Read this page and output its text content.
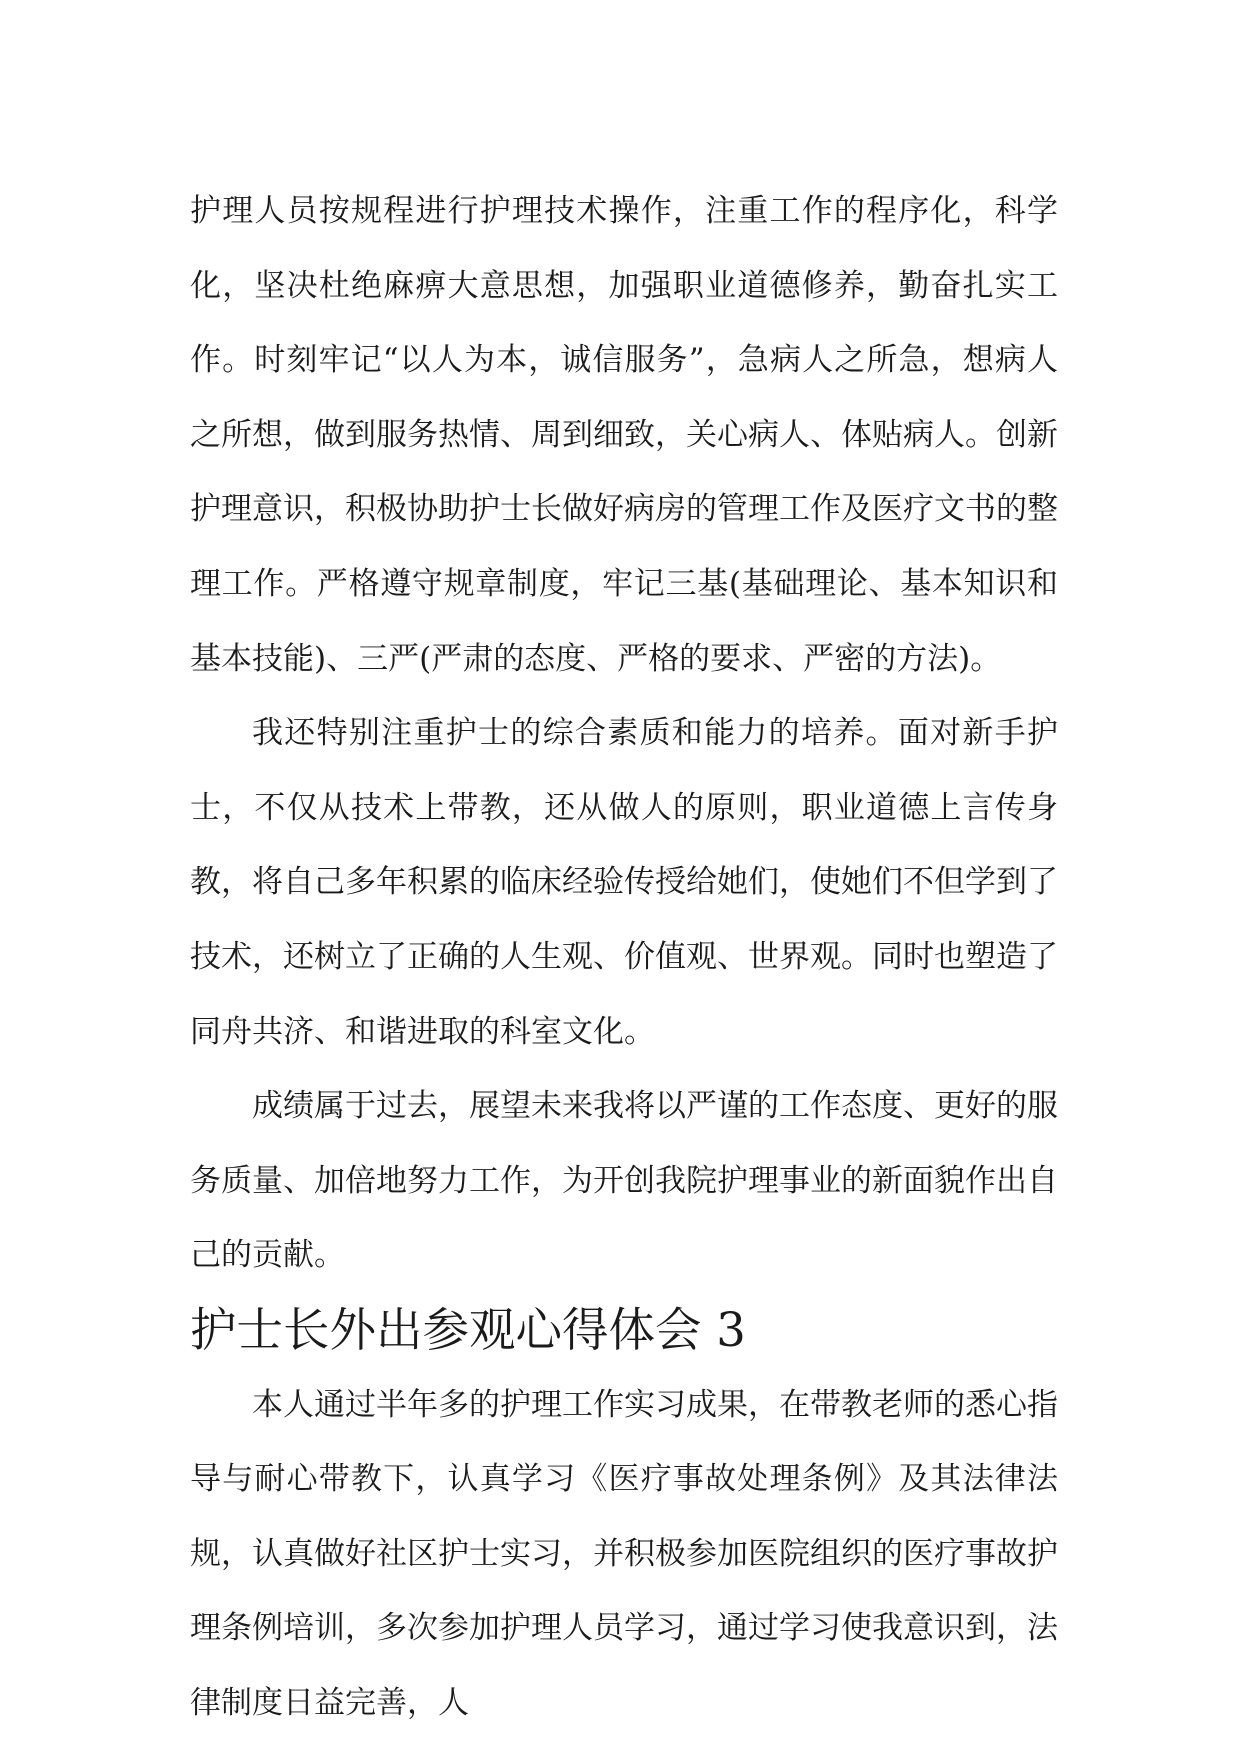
护理人员按规程进行护理技术操作，注重工作的程序化，科学化，坚决杜绝麻痹大意思想，加强职业道德修养，勤奋扎实工作。时刻牢记“以人为本，诚信服务”，急病人之所急，想病人之所想，做到服务热情、周到细致，关心病人、体贴病人。创新护理意识，积极协助护士长做好病房的管理工作及医疗文书的整理工作。严格遵守规章制度，牢记三基(基础理论、基本知识和基本技能)、三严(严肃的态度、严格的要求、严密的方法)。

我还特别注重护士的综合素质和能力的培养。面对新手护士，不仅从技术上带教，还从做人的原则，职业道德上言传身教，将自己多年积累的临床经验传授给她们，使她们不但学到了技术，还树立了正确的人生观、价值观、世界观。同时也塑造了同舟共济、和谐进取的科室文化。

成绩属于过去，展望未来我将以严谨的工作态度、更好的服务质量、加倍地努力工作，为开创我院护理事业的新面貌作出自己的贡献。

护士长外出参观心得体会 3

本人通过半年多的护理工作实习成果，在带教老师的悉心指导与耐心带教下，认真学习《医疗事故处理条例》及其法律法规，认真做好社区护士实习，并积极参加医院组织的医疗事故护理条例培训，多次参加护理人员学习，通过学习使我意识到，法律制度日益完善，人
